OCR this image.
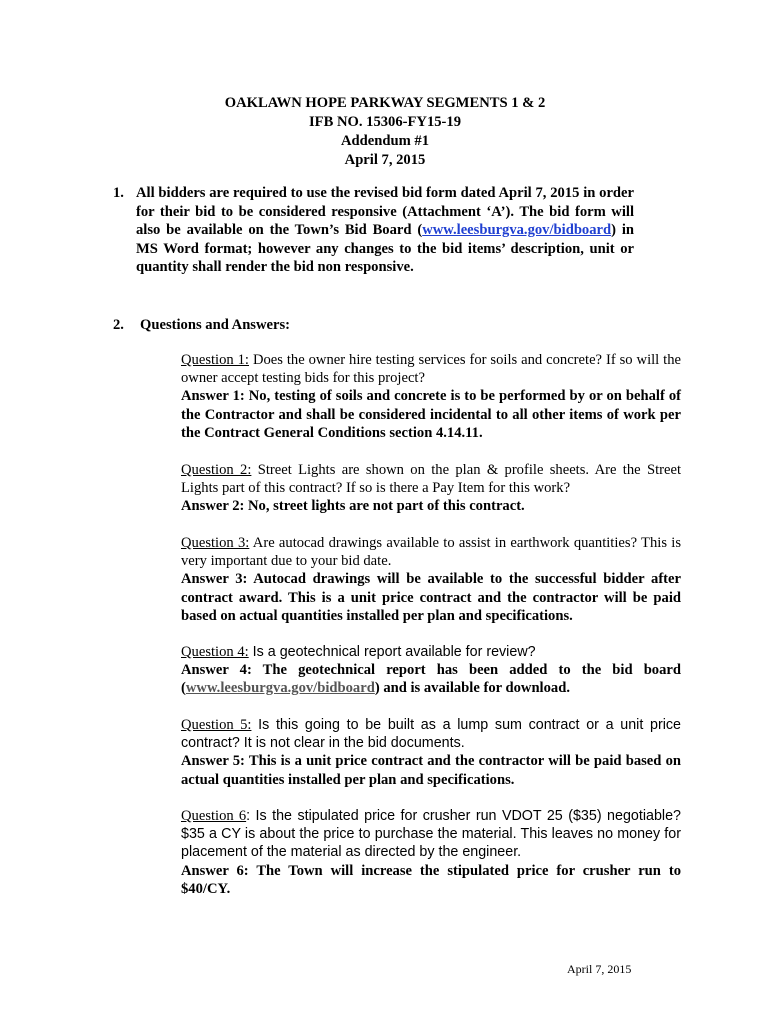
OAKLAWN HOPE PARKWAY SEGMENTS 1 & 2
IFB NO. 15306-FY15-19
Addendum #1
April 7, 2015
1. All bidders are required to use the revised bid form dated April 7, 2015 in order for their bid to be considered responsive (Attachment ‘A’). The bid form will also be available on the Town’s Bid Board (www.leesburgva.gov/bidboard) in MS Word format; however any changes to the bid items’ description, unit or quantity shall render the bid non responsive.
2. Questions and Answers:
Question 1: Does the owner hire testing services for soils and concrete? If so will the owner accept testing bids for this project?
Answer 1: No, testing of soils and concrete is to be performed by or on behalf of the Contractor and shall be considered incidental to all other items of work per the Contract General Conditions section 4.14.11.
Question 2: Street Lights are shown on the plan & profile sheets. Are the Street Lights part of this contract? If so is there a Pay Item for this work?
Answer 2: No, street lights are not part of this contract.
Question 3: Are autocad drawings available to assist in earthwork quantities? This is very important due to your bid date.
Answer 3: Autocad drawings will be available to the successful bidder after contract award. This is a unit price contract and the contractor will be paid based on actual quantities installed per plan and specifications.
Question 4: Is a geotechnical report available for review?
Answer 4: The geotechnical report has been added to the bid board (www.leesburgva.gov/bidboard) and is available for download.
Question 5: Is this going to be built as a lump sum contract or a unit price contract? It is not clear in the bid documents.
Answer 5: This is a unit price contract and the contractor will be paid based on actual quantities installed per plan and specifications.
Question 6: Is the stipulated price for crusher run VDOT 25 ($35) negotiable? $35 a CY is about the price to purchase the material. This leaves no money for placement of the material as directed by the engineer.
Answer 6: The Town will increase the stipulated price for crusher run to $40/CY.
April 7, 2015
